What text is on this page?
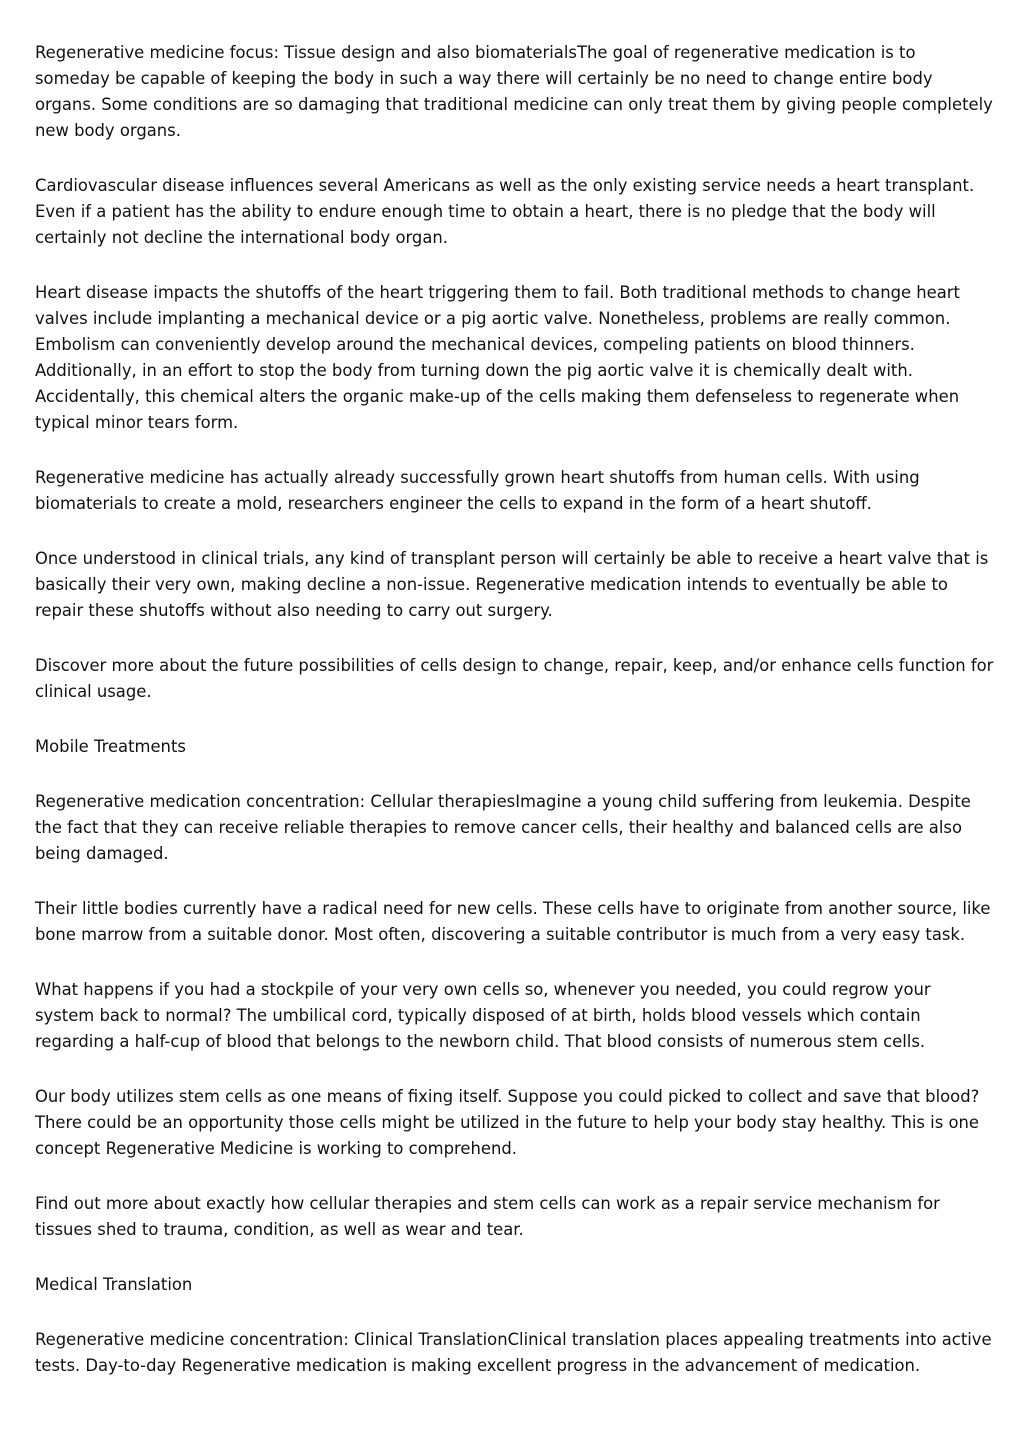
Regenerative medicine focus: Tissue design and also biomaterialsThe goal of regenerative medication is to someday be capable of keeping the body in such a way there will certainly be no need to change entire body organs. Some conditions are so damaging that traditional medicine can only treat them by giving people completely new body organs.

Cardiovascular disease influences several Americans as well as the only existing service needs a heart transplant. Even if a patient has the ability to endure enough time to obtain a heart, there is no pledge that the body will certainly not decline the international body organ.

Heart disease impacts the shutoffs of the heart triggering them to fail. Both traditional methods to change heart valves include implanting a mechanical device or a pig aortic valve. Nonetheless, problems are really common. Embolism can conveniently develop around the mechanical devices, compeling patients on blood thinners. Additionally, in an effort to stop the body from turning down the pig aortic valve it is chemically dealt with. Accidentally, this chemical alters the organic make-up of the cells making them defenseless to regenerate when typical minor tears form.

Regenerative medicine has actually already successfully grown heart shutoffs from human cells. With using biomaterials to create a mold, researchers engineer the cells to expand in the form of a heart shutoff.

Once understood in clinical trials, any kind of transplant person will certainly be able to receive a heart valve that is basically their very own, making decline a non-issue. Regenerative medication intends to eventually be able to repair these shutoffs without also needing to carry out surgery.

Discover more about the future possibilities of cells design to change, repair, keep, and/or enhance cells function for clinical usage.

Mobile Treatments

Regenerative medication concentration: Cellular therapiesImagine a young child suffering from leukemia. Despite the fact that they can receive reliable therapies to remove cancer cells, their healthy and balanced cells are also being damaged.

Their little bodies currently have a radical need for new cells. These cells have to originate from another source, like bone marrow from a suitable donor. Most often, discovering a suitable contributor is much from a very easy task.

What happens if you had a stockpile of your very own cells so, whenever you needed, you could regrow your system back to normal? The umbilical cord, typically disposed of at birth, holds blood vessels which contain regarding a half-cup of blood that belongs to the newborn child. That blood consists of numerous stem cells.

Our body utilizes stem cells as one means of fixing itself. Suppose you could picked to collect and save that blood? There could be an opportunity those cells might be utilized in the future to help your body stay healthy. This is one concept Regenerative Medicine is working to comprehend.

Find out more about exactly how cellular therapies and stem cells can work as a repair service mechanism for tissues shed to trauma, condition, as well as wear and tear.

Medical Translation

Regenerative medicine concentration: Clinical TranslationClinical translation places appealing treatments into active tests. Day-to-day Regenerative medication is making excellent progress in the advancement of medication.
